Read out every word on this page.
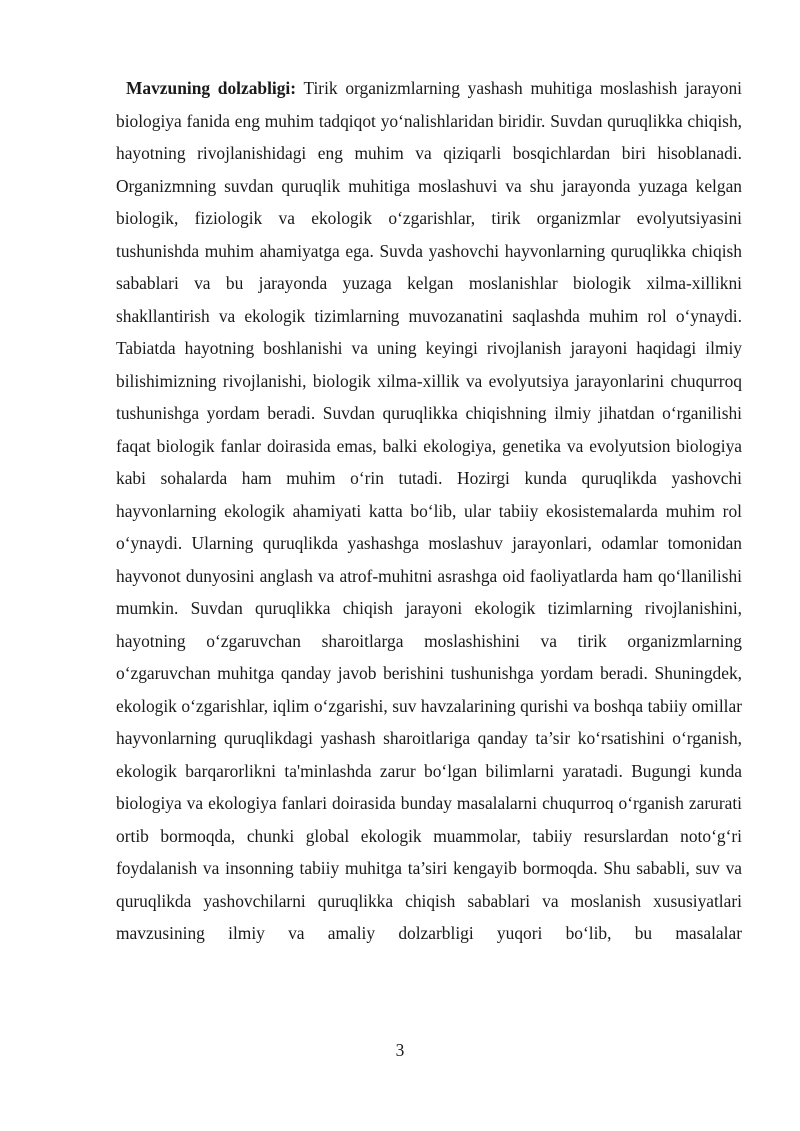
Mavzuning dolzabligi: Tirik organizmlarning yashash muhitiga moslashish jarayoni biologiya fanida eng muhim tadqiqot yo‘nalishlaridan biridir. Suvdan quruqlikka chiqish, hayotning rivojlanishidagi eng muhim va qiziqarli bosqichlardan biri hisoblanadi. Organizmning suvdan quruqlik muhitiga moslashuvi va shu jarayonda yuzaga kelgan biologik, fiziologik va ekologik o‘zgarishlar, tirik organizmlar evolyutsiyasini tushunishda muhim ahamiyatga ega. Suvda yashovchi hayvonlarning quruqlikka chiqish sabablari va bu jarayonda yuzaga kelgan moslanishlar biologik xilma-xillikni shakllantirish va ekologik tizimlarning muvozanatini saqlashda muhim rol o‘ynaydi. Tabiatda hayotning boshlanishi va uning keyingi rivojlanish jarayoni haqidagi ilmiy bilishimizning rivojlanishi, biologik xilma-xillik va evolyutsiya jarayonlarini chuqurroq tushunishga yordam beradi. Suvdan quruqlikka chiqishning ilmiy jihatdan o‘rganilishi faqat biologik fanlar doirasida emas, balki ekologiya, genetika va evolyutsion biologiya kabi sohalarda ham muhim o‘rin tutadi. Hozirgi kunda quruqlikda yashovchi hayvonlarning ekologik ahamiyati katta bo‘lib, ular tabiiy ekosistemalarda muhim rol o‘ynaydi. Ularning quruqlikda yashashga moslashuv jarayonlari, odamlar tomonidan hayvonot dunyosini anglash va atrof-muhitni asrashga oid faoliyatlarda ham qo‘llanilishi mumkin. Suvdan quruqlikka chiqish jarayoni ekologik tizimlarning rivojlanishini, hayotning o‘zgaruvchan sharoitlarga moslashishini va tirik organizmlarning o‘zgaruvchan muhitga qanday javob berishini tushunishga yordam beradi. Shuningdek, ekologik o‘zgarishlar, iqlim o‘zgarishi, suv havzalarining qurishi va boshqa tabiiy omillar hayvonlarning quruqlikdagi yashash sharoitlariga qanday ta’sir ko‘rsatishini o‘rganish, ekologik barqarorlikni ta'minlashda zarur bo‘lgan bilimlarni yaratadi. Bugungi kunda biologiya va ekologiya fanlari doirasida bunday masalalarni chuqurroq o‘rganish zarurati ortib bormoqda, chunki global ekologik muammolar, tabiiy resurslardan noto‘g‘ri foydalanish va insonning tabiiy muhitga ta’siri kengayib bormoqda. Shu sababli, suv va quruqlikda yashovchilarni quruqlikka chiqish sabablari va moslanish xususiyatlari mavzusining ilmiy va amaliy dolzarbligi yuqori bo‘lib, bu masalalar

3
